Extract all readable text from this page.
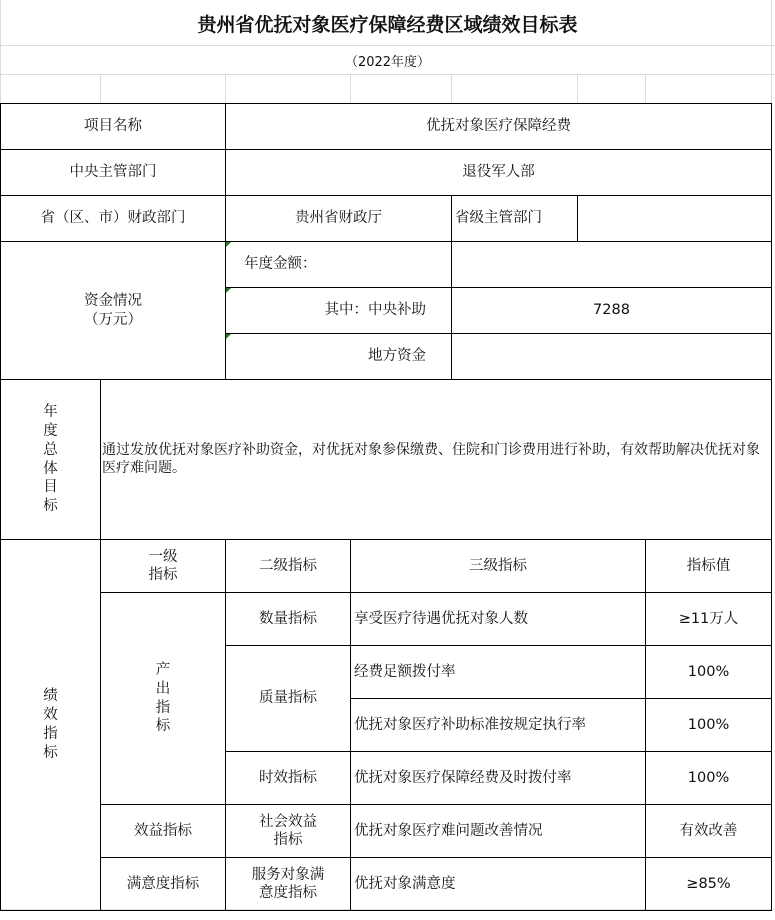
贵州省优抚对象医疗保障经费区域绩效目标表
（2022年度）
项目名称		优抚对象医疗保障经费				
中央主管部门		退役军人部				
省（区、市）财政部门		贵州省财政厅		省级主管部门		
资金情况（万元）		年度金额：				
		其中：中央补助		7288		
		地方资金				
年度总体目标	通过发放优抚对象医疗补助资金，对优抚对象参保缴费、住院和门诊费用进行补助，有效帮助解决优抚对象医疗难问题。					
绩效指标	一级指标	二级指标	三级指标			指标值
	产出指标	数量指标	享受医疗待遇优抚对象人数			≥11万人
		质量指标	经费足额拨付率			100%
			优抚对象医疗补助标准按规定执行率			100%
		时效指标	优抚对象医疗保障经费及时拨付率			100%
	效益指标	社会效益指标	优抚对象医疗难问题改善情况			有效改善
	满意度指标	服务对象满意度指标	优抚对象满意度			≥85%
